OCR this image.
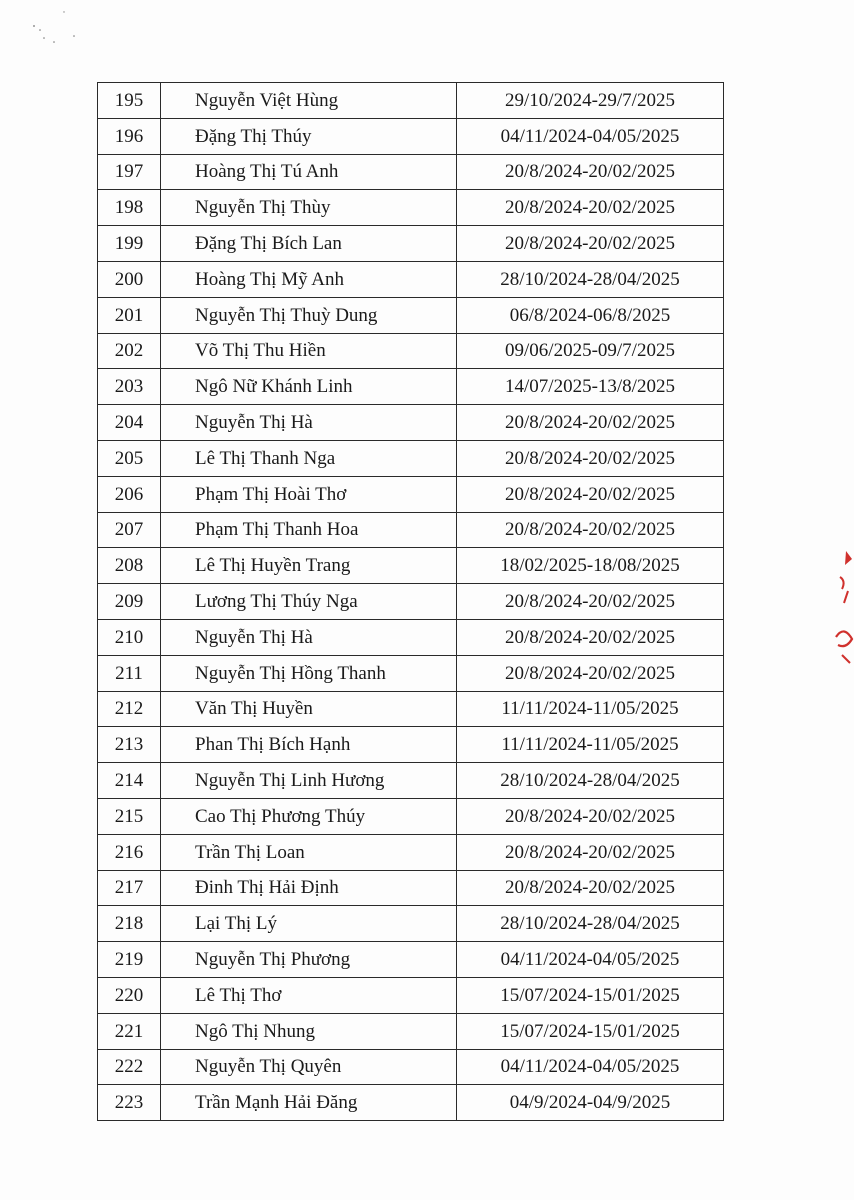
195	Nguyễn Việt Hùng	29/10/2024-29/7/2025
196	Đặng Thị Thúy	04/11/2024-04/05/2025
197	Hoàng Thị Tú Anh	20/8/2024-20/02/2025
198	Nguyễn Thị Thùy	20/8/2024-20/02/2025
199	Đặng Thị Bích Lan	20/8/2024-20/02/2025
200	Hoàng Thị Mỹ Anh	28/10/2024-28/04/2025
201	Nguyễn Thị Thuỳ Dung	06/8/2024-06/8/2025
202	Võ Thị Thu Hiền	09/06/2025-09/7/2025
203	Ngô Nữ Khánh Linh	14/07/2025-13/8/2025
204	Nguyễn Thị Hà	20/8/2024-20/02/2025
205	Lê Thị Thanh Nga	20/8/2024-20/02/2025
206	Phạm Thị Hoài Thơ	20/8/2024-20/02/2025
207	Phạm Thị Thanh Hoa	20/8/2024-20/02/2025
208	Lê Thị Huyền Trang	18/02/2025-18/08/2025
209	Lương Thị Thúy Nga	20/8/2024-20/02/2025
210	Nguyễn Thị Hà	20/8/2024-20/02/2025
211	Nguyễn Thị Hồng Thanh	20/8/2024-20/02/2025
212	Văn Thị Huyền	11/11/2024-11/05/2025
213	Phan Thị Bích Hạnh	11/11/2024-11/05/2025
214	Nguyễn Thị Linh Hương	28/10/2024-28/04/2025
215	Cao Thị Phương Thúy	20/8/2024-20/02/2025
216	Trần Thị Loan	20/8/2024-20/02/2025
217	Đinh Thị Hải Định	20/8/2024-20/02/2025
218	Lại Thị Lý	28/10/2024-28/04/2025
219	Nguyễn Thị Phương	04/11/2024-04/05/2025
220	Lê Thị Thơ	15/07/2024-15/01/2025
221	Ngô Thị Nhung	15/07/2024-15/01/2025
222	Nguyễn Thị Quyên	04/11/2024-04/05/2025
223	Trần Mạnh Hải Đăng	04/9/2024-04/9/2025
